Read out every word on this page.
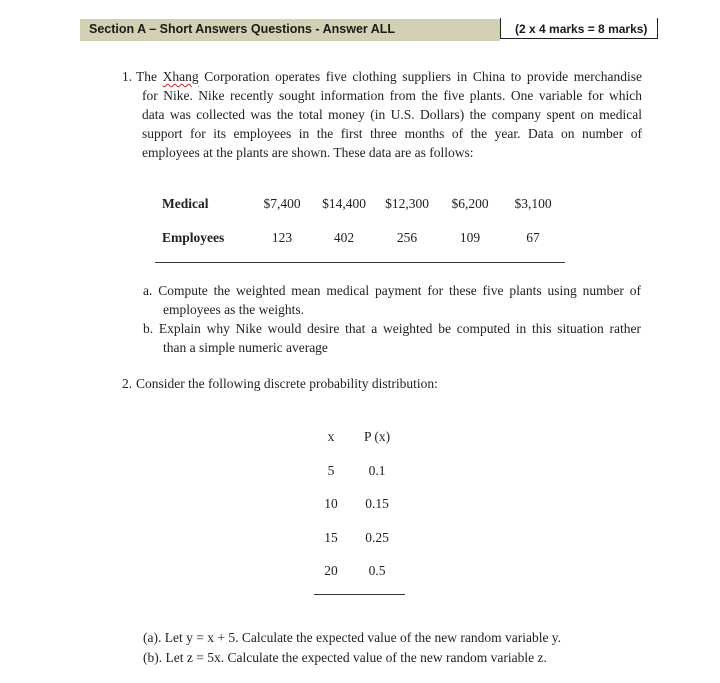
Section A – Short Answers Questions - Answer ALL	(2 x 4 marks = 8 marks)
1. The Xhang Corporation operates five clothing suppliers in China to provide merchandise
for Nike. Nike recently sought information from the five plants. One variable for which
data was collected was the total money (in U.S. Dollars) the company spent on medical
support for its employees in the first three months of the year. Data on number of
employees at the plants are shown. These data are as follows:
Medical	$7,400 $14,400 $12,300 $6,200 $3,100
Employees	123	402	256	109	67
a. Compute the weighted mean medical payment for these five plants using number of
employees as the weights.
b. Explain why Nike would desire that a weighted be computed in this situation rather
than a simple numeric average
2. Consider the following discrete probability distribution:
x P (x)
5	0.1
10 0.15
15 0.25
20 0.5
(a). Let y = x + 5. Calculate the expected value of the new random variable y.
(b). Let z = 5x. Calculate the expected value of the new random variable z.
